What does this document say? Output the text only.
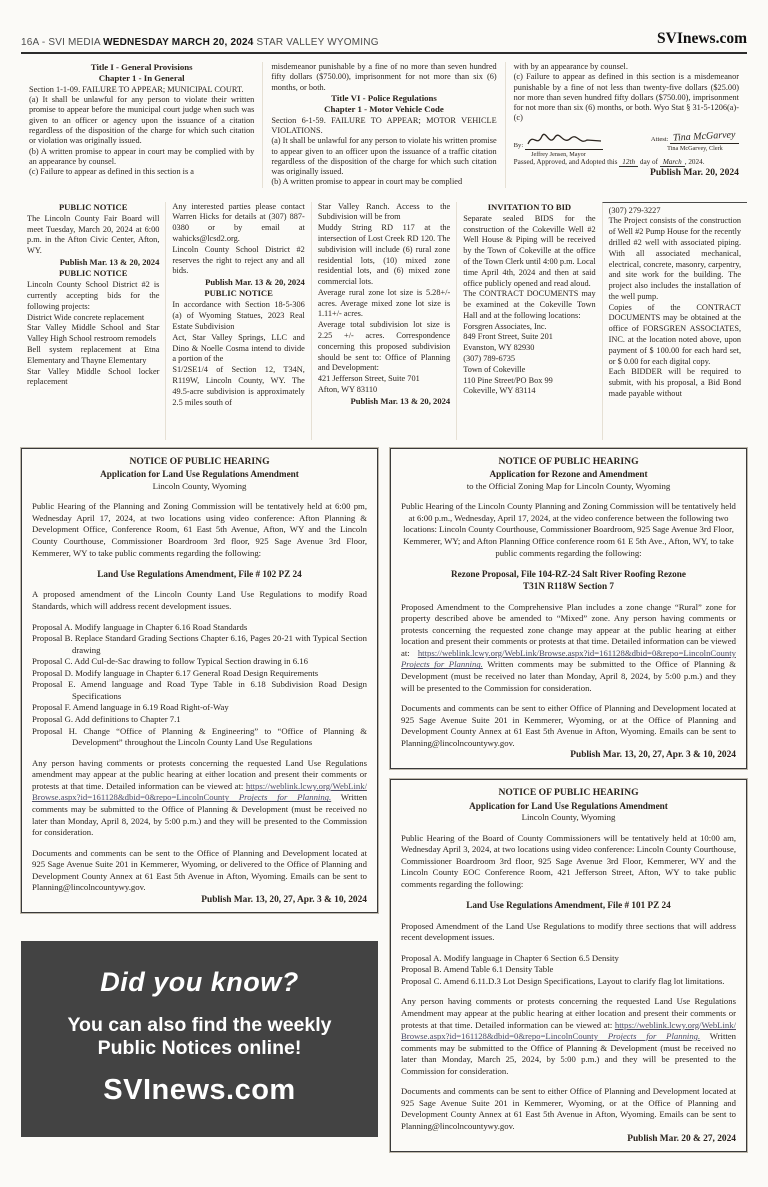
16A - SVI MEDIA WEDNESDAY MARCH 20, 2024 STAR VALLEY WYOMING	SVInews.com
Title I - General Provisions
Chapter 1 - In General

Section 1-1-09. FAILURE TO APPEAR; MUNICIPAL COURT.

(a) It shall be unlawful for any person to violate their written promise to appear before the municipal court judge when such was given to an officer or agency upon the issuance of a citation regardless of the disposition of the charge for which such citation or violation was originally issued.

(b) A written promise to appear in court may be complied with by an appearance by counsel.

(c) Failure to appear as defined in this section is a

misdemeanor punishable by a fine of no more than seven hundred fifty dollars ($750.00), imprisonment for not more than six (6) months, or both.

Title VI - Police Regulations
Chapter 1 - Motor Vehicle Code

Section 6-1-59. FAILURE TO APPEAR; MOTOR VEHICLE VIOLATIONS.

(a) It shall be unlawful for any person to violate his written promise to appear given to an officer upon the issuance of a traffic citation regardless of the disposition of the charge for which such citation was originally issued.

(b) A written promise to appear in court may be complied

with by an appearance by counsel.

(c) Failure to appear as defined in this section is a misdemeanor punishable by a fine of not less than twenty-five dollars ($25.00) nor more than seven hundred fifty dollars ($750.00), imprisonment for not more than six (6) months, or both. Wyo Stat § 31-5-1206(a)-(c)

By:
Jeffrey Jensen, Mayor
Attest: Tina McGarvey
Tina McGarvey, Clerk

Passed, Approved, and Adopted this 12th day of March , 2024.

Publish Mar. 20, 2024

PUBLIC NOTICE

The Lincoln County Fair Board will meet Tuesday, March 20, 2024 at 6:00 p.m. in the Afton Civic Center, Afton, WY.

Publish Mar. 13 & 20, 2024

PUBLIC NOTICE

Lincoln County School District #2 is currently accepting bids for the following projects:

District Wide concrete replacement

Star Valley Middle School and Star Valley High School restroom remodels

Bell system replacement at Etna Elementary and Thayne Elementary

Star Valley Middle School locker replacement

Any interested parties please contact Warren Hicks for details at (307) 887-0380 or by email at wahicks@lcsd2.org.

Lincoln County School District #2 reserves the right to reject any and all bids.

Publish Mar. 13 & 20, 2024

PUBLIC NOTICE

In accordance with Section 18-5-306 (a) of Wyoming Statues, 2023 Real Estate Subdivision

Act, Star Valley Springs, LLC and Dino & Noelle Cosma intend to divide a portion of the

S1/2SE1/4 of Section 12, T34N, R119W, Lincoln County, WY. The 49.5-acre subdivision is approximately 2.5 miles south of

Star Valley Ranch. Access to the Subdivision will be from

Muddy String RD 117 at the intersection of Lost Creek RD 120. The subdivision will include (6) rural zone residential lots, (10) mixed zone residential lots, and (6) mixed zone commercial lots.

Average rural zone lot size is 5.28+/- acres. Average mixed zone lot size is 1.11+/- acres.

Average total subdivision lot size is 2.25 +/- acres. Correspondence concerning this proposed subdivision should be sent to: Office of Planning and Development:

421 Jefferson Street, Suite 701

Afton, WY 83110

Publish Mar. 13 & 20, 2024

INVITATION TO BID

Separate sealed BIDS for the construction of the Cokeville Well #2 Well House & Piping will be received by the Town of Cokeville at the office of the Town Clerk until 4:00 p.m. Local time April 4th, 2024 and then at said office publicly opened and read aloud.

The CONTRACT DOCUMENTS may be examined at the Cokeville Town Hall and at the following locations:

Forsgren Associates, Inc.

849 Front Street, Suite 201

Evanston, WY 82930

(307) 789-6735

Town of Cokeville

110 Pine Street/PO Box 99

Cokeville, WY 83114

(307) 279-3227

The Project consists of the construction of Well #2 Pump House for the recently drilled #2 well with associated piping. With all associated mechanical, electrical, concrete, masonry, carpentry, and site work for the building. The project also includes the installation of the well pump.

Copies of the CONTRACT DOCUMENTS may be obtained at the office of FORSGREN ASSOCIATES, INC. at the location noted above, upon payment of $ 100.00 for each hard set, or $ 0.00 for each digital copy.

Each BIDDER will be required to submit, with his proposal, a Bid Bond made payable without

NOTICE OF PUBLIC HEARING
Application for Land Use Regulations Amendment
Lincoln County, Wyoming

Public Hearing of the Planning and Zoning Commission will be tentatively held at 6:00 pm, Wednesday April 17, 2024, at two locations using video conference: Afton Planning & Development Office, Conference Room, 61 East 5th Avenue, Afton, WY and the Lincoln County Courthouse, Commissioner Boardroom 3rd floor, 925 Sage Avenue 3rd Floor, Kemmerer, WY to take public comments regarding the following:

Land Use Regulations Amendment, File # 102 PZ 24

A proposed amendment of the Lincoln County Land Use Regulations to modify Road Standards, which will address recent development issues.

Proposal A. Modify language in Chapter 6.16 Road Standards

Proposal B. Replace Standard Grading Sections Chapter 6.16, Pages 20-21 with Typical Section drawing

Proposal C. Add Cul-de-Sac drawing to follow Typical Section drawing in 6.16

Proposal D. Modify language in Chapter 6.17 General Road Design Requirements

Proposal E. Amend language and Road Type Table in 6.18 Subdivision Road Design Specifications

Proposal F. Amend language in 6.19 Road Right-of-Way

Proposal G. Add definitions to Chapter 7.1

Proposal H. Change “Office of Planning & Engineering” to “Office of Planning & Development” throughout the Lincoln County Land Use Regulations

Any person having comments or protests concerning the requested Land Use Regulations amendment may appear at the public hearing at either location and present their comments or protests at that time. Detailed information can be viewed at: https://weblink.lcwy.org/WebLink/Browse.aspx?id=161128&dbid=0&repo=LincolnCounty Projects for Planning. Written comments may be submitted to the Office of Planning & Development (must be received no later than Monday, April 8, 2024, by 5:00 p.m.) and they will be presented to the Commission for consideration.

Documents and comments can be sent to the Office of Planning and Development located at 925 Sage Avenue Suite 201 in Kemmerer, Wyoming, or delivered to the Office of Planning and Development County Annex at 61 East 5th Avenue in Afton, Wyoming. Emails can be sent to Planning@lincolncountywy.gov.

Publish Mar. 13, 20, 27, Apr. 3 & 10, 2024

Did you know?
You can also find the weekly
Public Notices online!
SVInews.com
NOTICE OF PUBLIC HEARING
Application for Rezone and Amendment
to the Official Zoning Map for Lincoln County, Wyoming

Public Hearing of the Lincoln County Planning and Zoning Commission will be tentatively held at 6:00 p.m., Wednesday, April 17, 2024, at the video conference between the following two locations: Lincoln County Courthouse, Commissioner Boardroom, 925 Sage Avenue 3rd Floor, Kemmerer, WY; and Afton Planning Office conference room 61 E 5th Ave., Afton, WY, to take public comments regarding the following:

Rezone Proposal, File 104-RZ-24 Salt River Roofing Rezone
T31N R118W Section 7

Proposed Amendment to the Comprehensive Plan includes a zone change “Rural” zone for property described above be amended to “Mixed” zone. Any person having comments or protests concerning the requested zone change may appear at the public hearing at either location and present their comments or protests at that time. Detailed information can be viewed at: https://weblink.lcwy.org/WebLink/Browse.aspx?id=161128&dbid=0&repo=LincolnCounty Projects for Planning. Written comments may be submitted to the Office of Planning & Development (must be received no later than Monday, April 8, 2024, by 5:00 p.m.) and they will be presented to the Commission for consideration.

Documents and comments can be sent to either Office of Planning and Development located at 925 Sage Avenue Suite 201 in Kemmerer, Wyoming, or at the Office of Planning and Development County Annex at 61 East 5th Avenue in Afton, Wyoming. Emails can be sent to Planning@lincolncountywy.gov.

Publish Mar. 13, 20, 27, Apr. 3 & 10, 2024

NOTICE OF PUBLIC HEARING
Application for Land Use Regulations Amendment
Lincoln County, Wyoming

Public Hearing of the Board of County Commissioners will be tentatively held at 10:00 am, Wednesday April 3, 2024, at two locations using video conference: Lincoln County Courthouse, Commissioner Boardroom 3rd floor, 925 Sage Avenue 3rd Floor, Kemmerer, WY and the Lincoln County EOC Conference Room, 421 Jefferson Street, Afton, WY to take public comments regarding the following:

Land Use Regulations Amendment, File # 101 PZ 24

Proposed Amendment of the Land Use Regulations to modify three sections that will address recent development issues.

Proposal A. Modify language in Chapter 6 Section 6.5 Density

Proposal B. Amend Table 6.1 Density Table

Proposal C. Amend 6.11.D.3 Lot Design Specifications, Layout to clarify flag lot limitations.

Any person having comments or protests concerning the requested Land Use Regulations Amendment may appear at the public hearing at either location and present their comments or protests at that time. Detailed information can be viewed at: https://weblink.lcwy.org/WebLink/Browse.aspx?id=161128&dbid=0&repo=LincolnCounty Projects for Planning. Written comments may be submitted to the Office of Planning & Development (must be received no later than Monday, March 25, 2024, by 5:00 p.m.) and they will be presented to the Commission for consideration.

Documents and comments can be sent to either Office of Planning and Development located at 925 Sage Avenue Suite 201 in Kemmerer, Wyoming, or at the Office of Planning and Development County Annex at 61 East 5th Avenue in Afton, Wyoming. Emails can be sent to Planning@lincolncountywy.gov.

Publish Mar. 20 & 27, 2024
